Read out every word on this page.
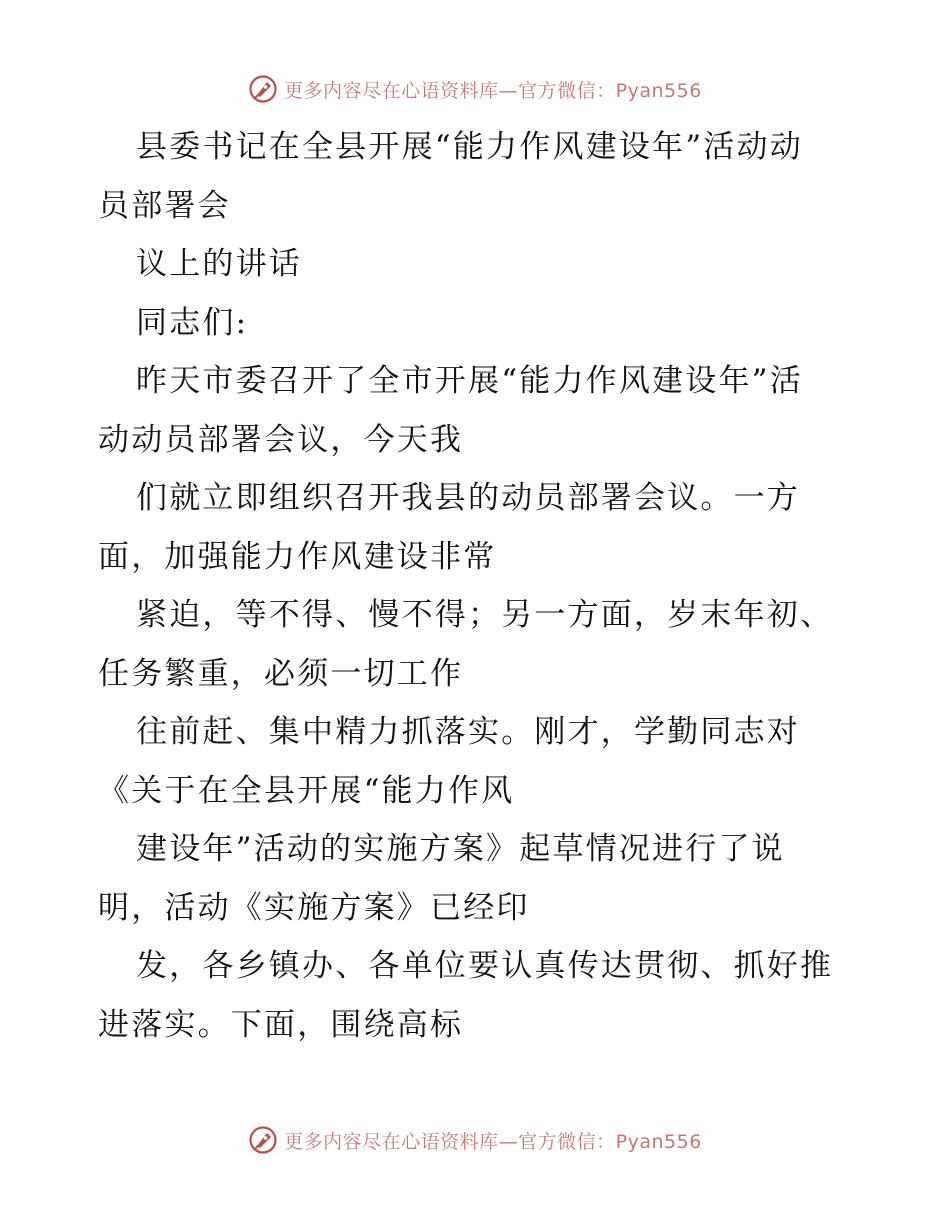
更多内容尽在心语资料库—官方微信：Pyan556

县委书记在全县开展“能力作风建设年”活动动
员部署会

议上的讲话

同志们:

昨天市委召开了全市开展“能力作风建设年”活
动动员部署会议，今天我

们就立即组织召开我县的动员部署会议。一方
面，加强能力作风建设非常

紧迫，等不得、慢不得；另一方面，岁末年初、
任务繁重，必须一切工作

往前赶、集中精力抓落实。刚才，学勤同志对
《关于在全县开展“能力作风

建设年”活动的实施方案》起草情况进行了说
明，活动《实施方案》已经印

发，各乡镇办、各单位要认真传达贯彻、抓好推
进落实。下面，围绕高标

更多内容尽在心语资料库—官方微信：Pyan556
